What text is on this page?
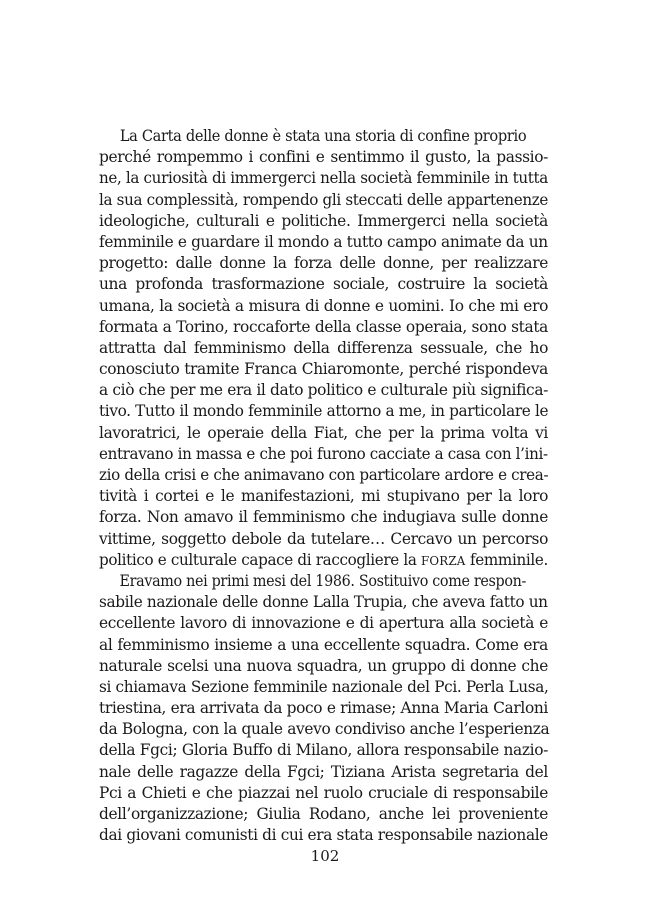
La Carta delle donne è stata una storia di confine proprio
perché rompemmo i confini e sentimmo il gusto, la passio-
ne, la curiosità di immergerci nella società femminile in tutta
la sua complessità, rompendo gli steccati delle appartenenze
ideologiche, culturali e politiche. Immergerci nella società
femminile e guardare il mondo a tutto campo animate da un
progetto: dalle donne la forza delle donne, per realizzare
una profonda trasformazione sociale, costruire la società
umana, la società a misura di donne e uomini. Io che mi ero
formata a Torino, roccaforte della classe operaia, sono stata
attratta dal femminismo della differenza sessuale, che ho
conosciuto tramite Franca Chiaromonte, perché rispondeva
a ciò che per me era il dato politico e culturale più significa-
tivo. Tutto il mondo femminile attorno a me, in particolare le
lavoratrici, le operaie della Fiat, che per la prima volta vi
entravano in massa e che poi furono cacciate a casa con l’ini-
zio della crisi e che animavano con particolare ardore e crea-
tività i cortei e le manifestazioni, mi stupivano per la loro
forza. Non amavo il femminismo che indugiava sulle donne
vittime, soggetto debole da tutelare… Cercavo un percorso
politico e culturale capace di raccogliere la FORZA femminile.
Eravamo nei primi mesi del 1986. Sostituivo come respon-
sabile nazionale delle donne Lalla Trupia, che aveva fatto un
eccellente lavoro di innovazione e di apertura alla società e
al femminismo insieme a una eccellente squadra. Come era
naturale scelsi una nuova squadra, un gruppo di donne che
si chiamava Sezione femminile nazionale del Pci. Perla Lusa,
triestina, era arrivata da poco e rimase; Anna Maria Carloni
da Bologna, con la quale avevo condiviso anche l’esperienza
della Fgci; Gloria Buffo di Milano, allora responsabile nazio-
nale delle ragazze della Fgci; Tiziana Arista segretaria del
Pci a Chieti e che piazzai nel ruolo cruciale di responsabile
dell’organizzazione; Giulia Rodano, anche lei proveniente
dai giovani comunisti di cui era stata responsabile nazionale
102
